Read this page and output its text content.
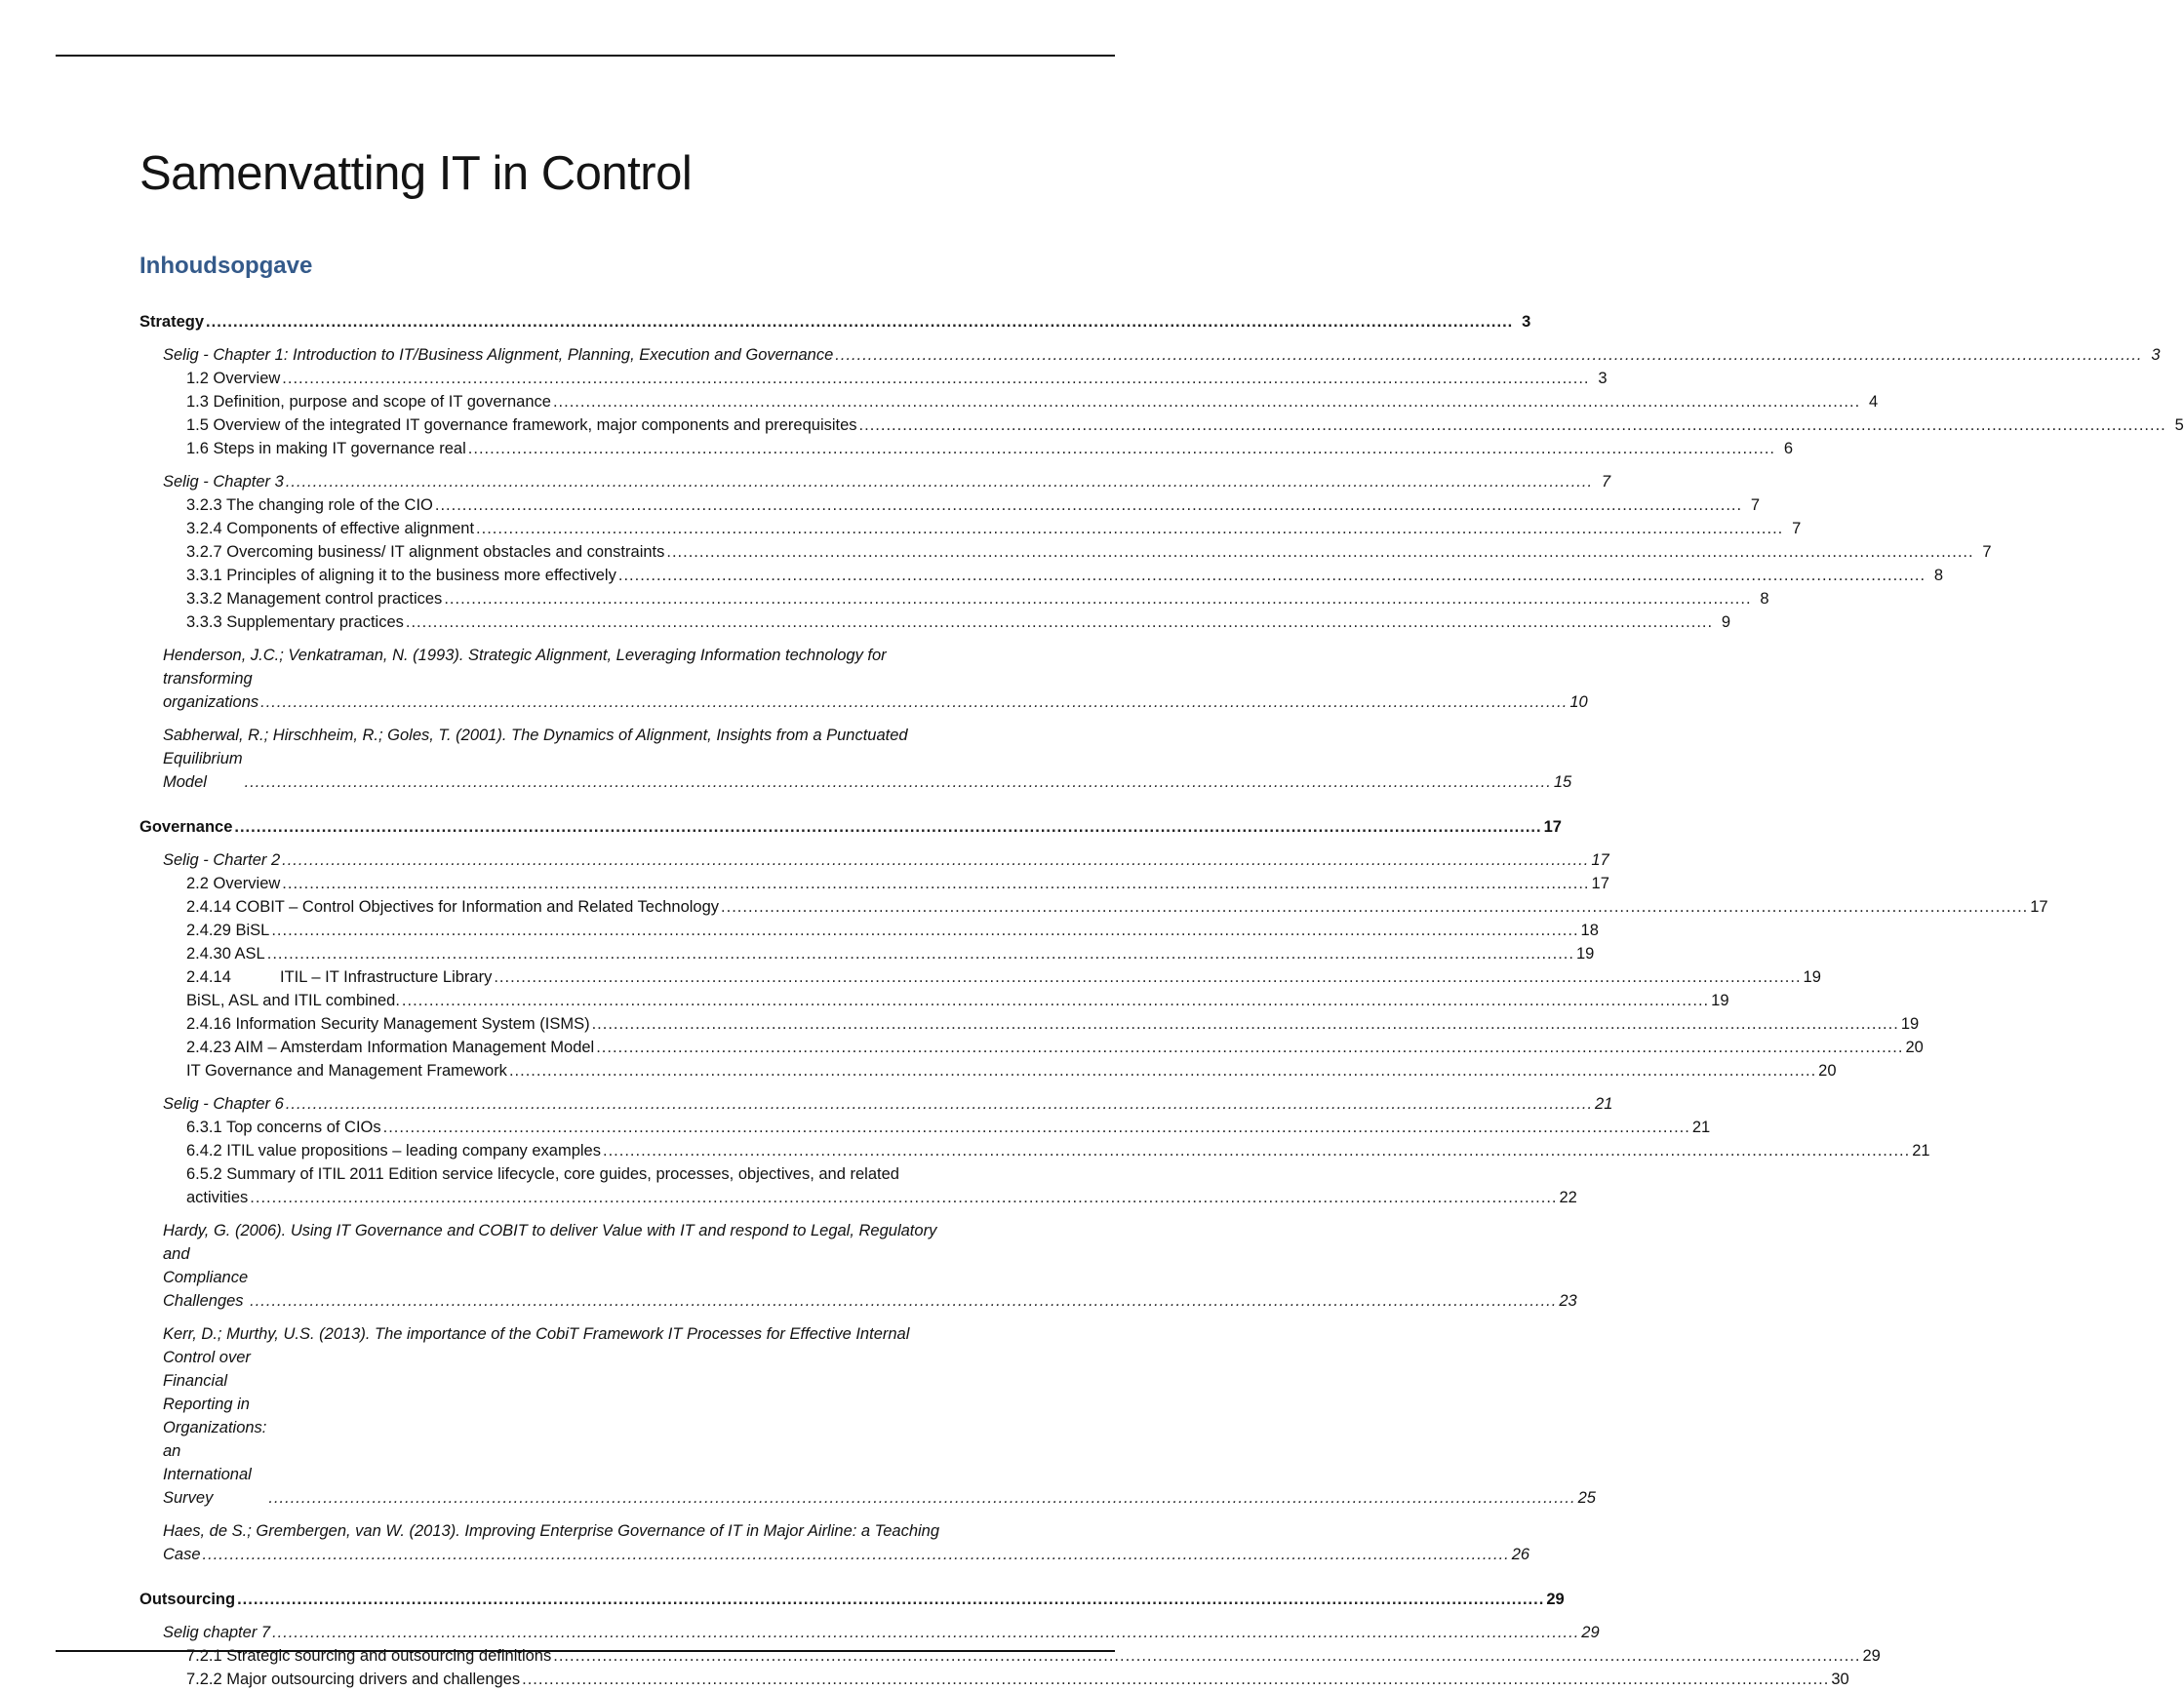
Samenvatting IT in Control
Inhoudsopgave
Strategy .....	3
Selig - Chapter 1: Introduction to IT/Business Alignment, Planning, Execution and Governance .....	3
1.2 Overview .....	3
1.3 Definition, purpose and scope of IT governance .....	4
1.5 Overview of the integrated IT governance framework, major components and prerequisites .....	5
1.6 Steps in making IT governance real .....	6
Selig - Chapter 3 .....	7
3.2.3 The changing role of the CIO .....	7
3.2.4 Components of effective alignment .....	7
3.2.7 Overcoming business/ IT alignment obstacles and constraints .....	7
3.3.1 Principles of aligning it to the business more effectively .....	8
3.3.2 Management control practices .....	8
3.3.3 Supplementary practices .....	9
Henderson, J.C.; Venkatraman, N. (1993). Strategic Alignment, Leveraging Information technology for
transforming organizations .....	10
Sabherwal, R.; Hirschheim, R.; Goles, T. (2001). The Dynamics of Alignment, Insights from a Punctuated
Equilibrium Model .....	15
Governance .....	17
Selig - Charter 2 .....	17
2.2 Overview .....	17
2.4.14 COBIT – Control Objectives for Information and Related Technology .....	17
2.4.29 BiSL .....	18
2.4.30 ASL .....	19
2.4.14	ITIL – IT Infrastructure Library .....	19
BiSL, ASL and ITIL combined. .....	19
2.4.16 Information Security Management System (ISMS) .....	19
2.4.23 AIM – Amsterdam Information Management Model .....	20
IT Governance and Management Framework .....	20
Selig - Chapter 6 .....	21
6.3.1 Top concerns of CIOs .....	21
6.4.2 ITIL value propositions – leading company examples .....	21
6.5.2 Summary of ITIL 2011 Edition service lifecycle, core guides, processes, objectives, and related
activities .....	22
Hardy, G. (2006). Using IT Governance and COBIT to deliver Value with IT and respond to Legal, Regulatory
and Compliance Challenges .....	23
Kerr, D.; Murthy, U.S. (2013). The importance of the CobiT Framework IT Processes for Effective Internal
Control over Financial Reporting in Organizations: an International Survey .....	25
Haes, de S.; Grembergen, van W. (2013). Improving Enterprise Governance of IT in Major Airline: a Teaching
Case .....	26
Outsourcing .....	29
Selig chapter 7 .....	29
7.2.1 Strategic sourcing and outsourcing definitions .....	29
7.2.2 Major outsourcing drivers and challenges .....	30
